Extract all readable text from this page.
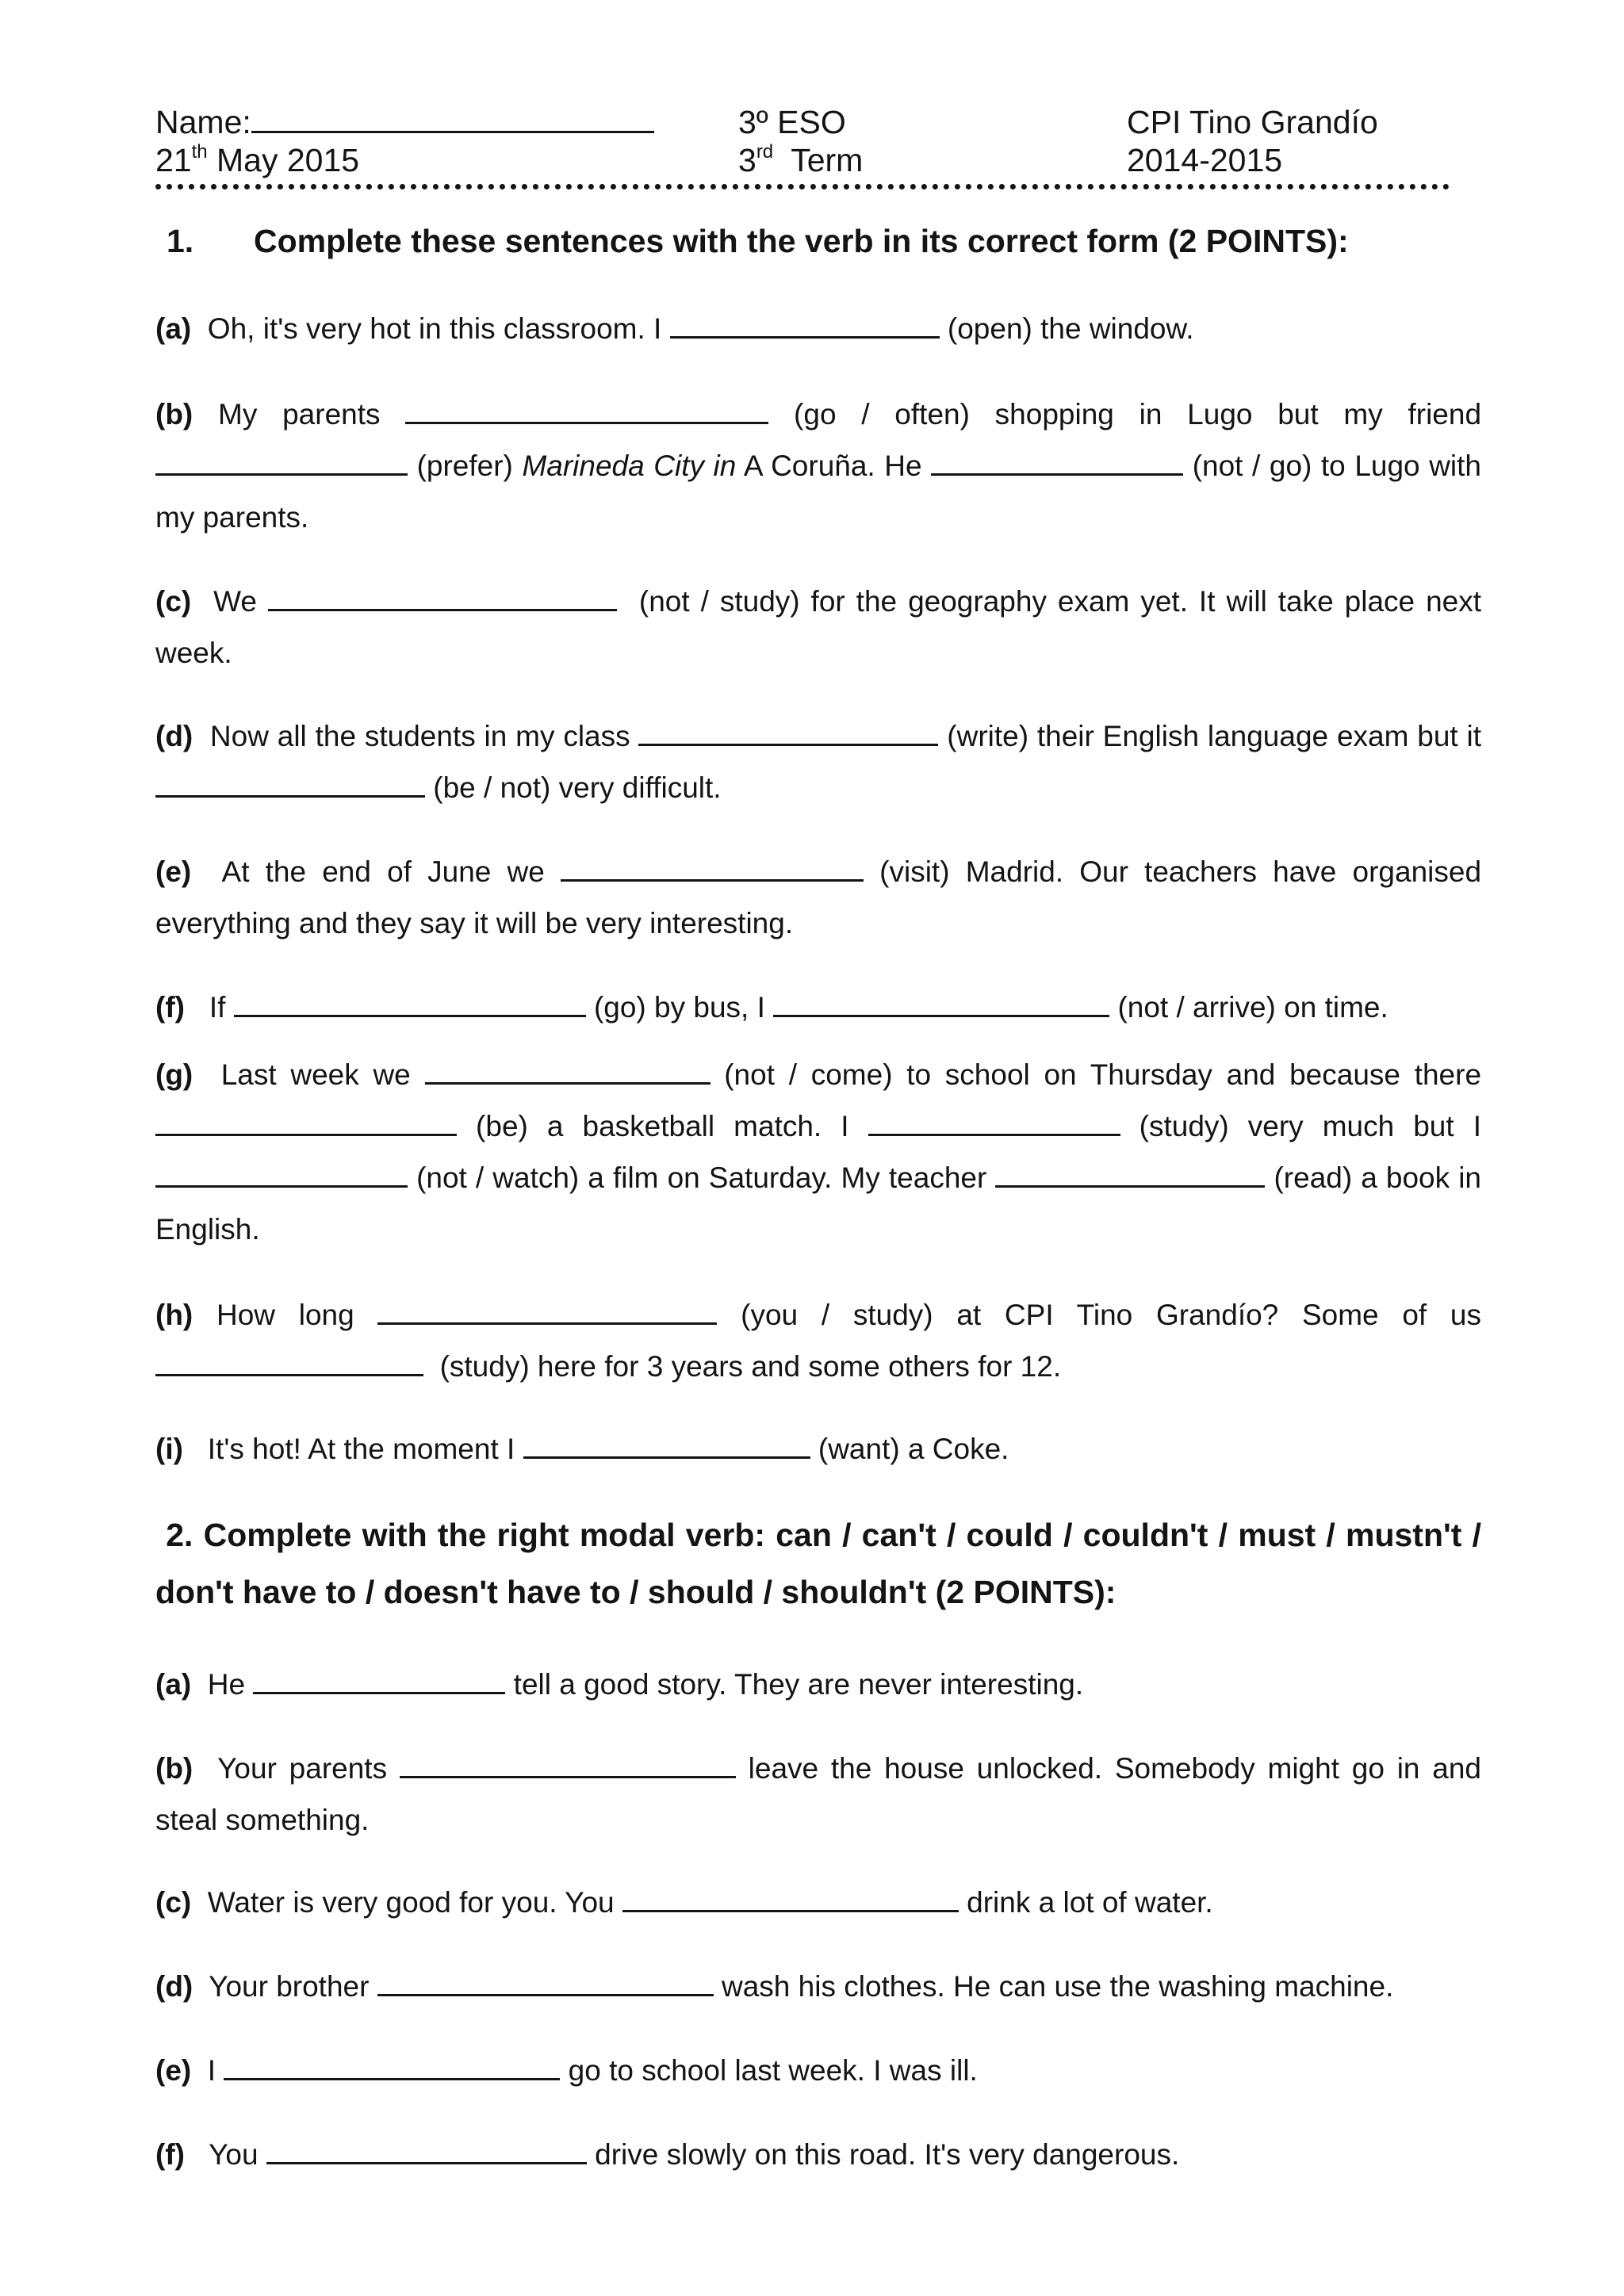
Name:
21th May 2015
3º ESO
3rd  Term
CPI Tino Grandío
2014-2015
1. Complete these sentences with the verb in its correct form (2 POINTS):
(a) Oh, it's very hot in this classroom. I	(open) the window.
(b) My parents	(go / often) shopping in Lugo but my friend  (prefer) Marineda City in A Coruña. He	(not / go) to Lugo with my parents.
(c) We	(not / study) for the geography exam yet. It will take place next week.
(d) Now all the students in my class	(write) their English language exam but it  (be / not) very difficult.
(e) At the end of June we	(visit) Madrid. Our teachers have organised everything and they say it will be very interesting.
(f) If	(go) by bus, I	(not / arrive) on time.
(g) Last week we	(not / come) to school on Thursday and because there  (be) a basketball match. I	(study) very much but I  (not / watch) a film on Saturday. My teacher	(read) a book in English.
(h) How long	(you / study) at CPI Tino Grandío? Some of us   (study) here for 3 years and some others for 12.
(i) It's hot! At the moment I	(want) a Coke.
2. Complete with the right modal verb: can / can't / could / couldn't / must / mustn't / don't have to / doesn't have to / should / shouldn't (2 POINTS):
(a) He	tell a good story. They are never interesting.
(b) Your parents	leave the house unlocked. Somebody might go in and steal something.
(c) Water is very good for you. You	drink a lot of water.
(d) Your brother	wash his clothes. He can use the washing machine.
(e) I	go to school last week. I was ill.
(f) You	drive slowly on this road. It's very dangerous.
